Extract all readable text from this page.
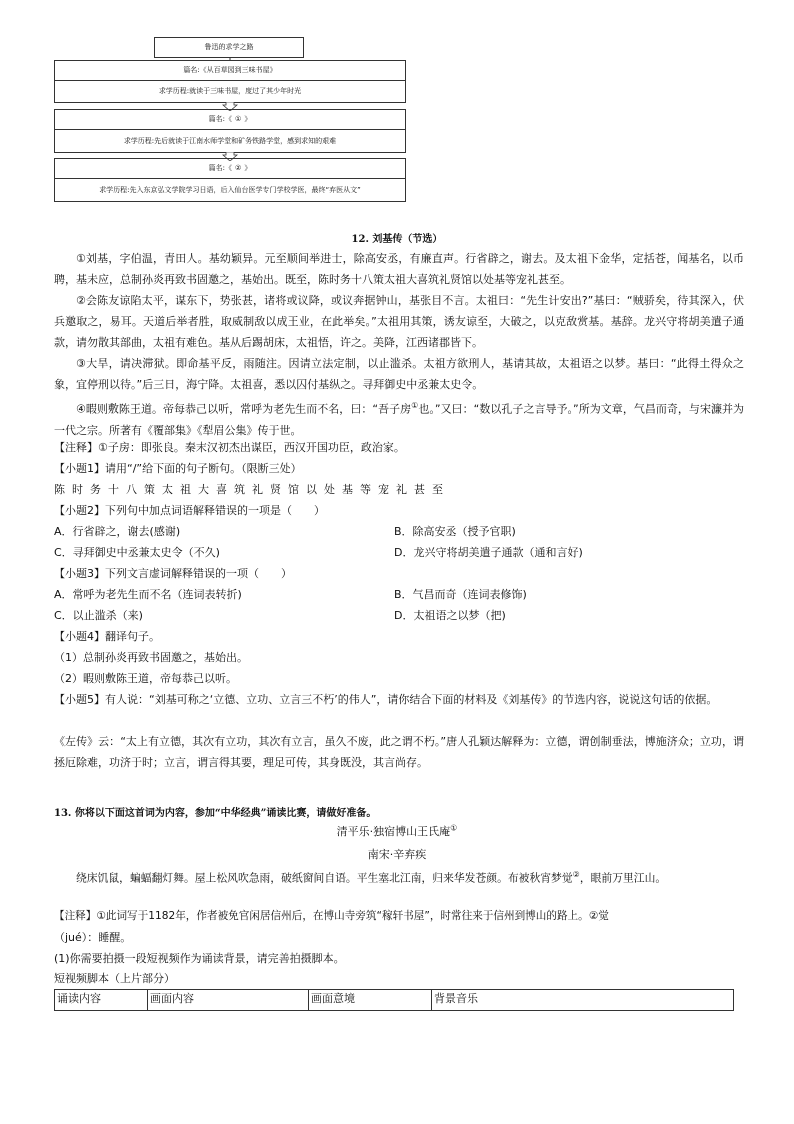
鲁迅的求学之路
篇名:《从百草园到三味书屋》
求学历程:就读于三味书屋，度过了其少年时光
篇名:《 ① 》
求学历程:先后就读于江南水师学堂和矿务铁路学堂，感到求知的艰难
篇名:《 ② 》
求学历程:先入东京弘文学院学习日语，后入仙台医学专门学校学医，最终“弃医从文”
12. 刘基传（节选）
①刘基，字伯温，青田人。基幼颖异。元至顺间举进士，除高安丞，有廉直声。行省辟之，谢去。及太祖下金华，定括苍，闻基名，以币聘，基未应，总制孙炎再致书固邀之，基始出。既至，陈时务十八策太祖大喜筑礼贤馆以处基等宠礼甚至。
②会陈友谅陷太平，谋东下，势张甚，诸将或议降，或议奔据钟山，基张目不言。太祖曰：“先生计安出?”基曰：“贼骄矣，待其深入，伏兵邀取之，易耳。天道后举者胜，取威制敌以成王业，在此举矣。”太祖用其策，诱友谅至，大破之，以克敌赏基。基辞。龙兴守将胡美遣子通款，请勿散其部曲，太祖有难色。基从后踢胡床，太祖悟，许之。美降，江西诸郡皆下。
③大旱，请决滞狱。即命基平反，雨随注。因请立法定制，以止滥杀。太祖方欲刑人，基请其故，太祖语之以梦。基曰：“此得土得众之象，宜停刑以待。”后三日，海宁降。太祖喜，悉以囚付基纵之。寻拜御史中丞兼太史令。
④暇则敷陈王道。帝每恭己以听，常呼为老先生而不名，曰：“吾子房①也。”又曰：“数以孔子之言导予。”所为文章，气昌而奇，与宋濂并为一代之宗。所著有《覆部集》《犁眉公集》传于世。
【注释】①子房：即张良。秦末汉初杰出谋臣，西汉开国功臣，政治家。
【小题1】请用“/”给下面的句子断句。（限断三处）
陈时务十八策太祖大喜筑礼贤馆以处基等宠礼甚至
【小题2】下列句中加点词语解释错误的一项是（　　）
A．行省辟之，谢去(感谢)	B．除高安丞（授予官职)
C．寻拜御史中丞兼太史令（不久)	D．龙兴守将胡美遣子通款（通和言好)
【小题3】下列文言虚词解释错误的一项（　　）
A．常呼为老先生而不名（连词表转折)	B．气昌而奇（连词表修饰)
C．以止滥杀（来)	D．太祖语之以梦（把)
【小题4】翻译句子。
（1）总制孙炎再致书固邀之，基始出。
（2）暇则敷陈王道，帝每恭己以听。
【小题5】有人说：“刘基可称之‘立德、立功、立言三不朽’的伟人”，请你结合下面的材料及《刘基传》的节选内容，说说这句话的依据。
《左传》云：“太上有立德，其次有立功，其次有立言，虽久不废，此之谓不朽。”唐人孔颖达解释为：立德，谓创制垂法，博施济众；立功，谓拯厄除难，功济于时；立言，谓言得其要，理足可传，其身既没，其言尚存。
13. 你将以下面这首词为内容，参加“中华经典”诵读比赛，请做好准备。
清平乐·独宿博山王氏庵①
南宋·辛弃疾
绕床饥鼠，蝙蝠翻灯舞。屋上松风吹急雨，破纸窗间自语。平生塞北江南，归来华发苍颜。布被秋宵梦觉②，眼前万里江山。
【注释】①此词写于1182年，作者被免官闲居信州后，在博山寺旁筑“稼轩书屋”，时常往来于信州到博山的路上。②觉
（jué）：睡醒。
(1)你需要拍摄一段短视频作为诵读背景，请完善拍摄脚本。
短视频脚本（上片部分）
诵读内容	画面内容	画面意境	背景音乐
